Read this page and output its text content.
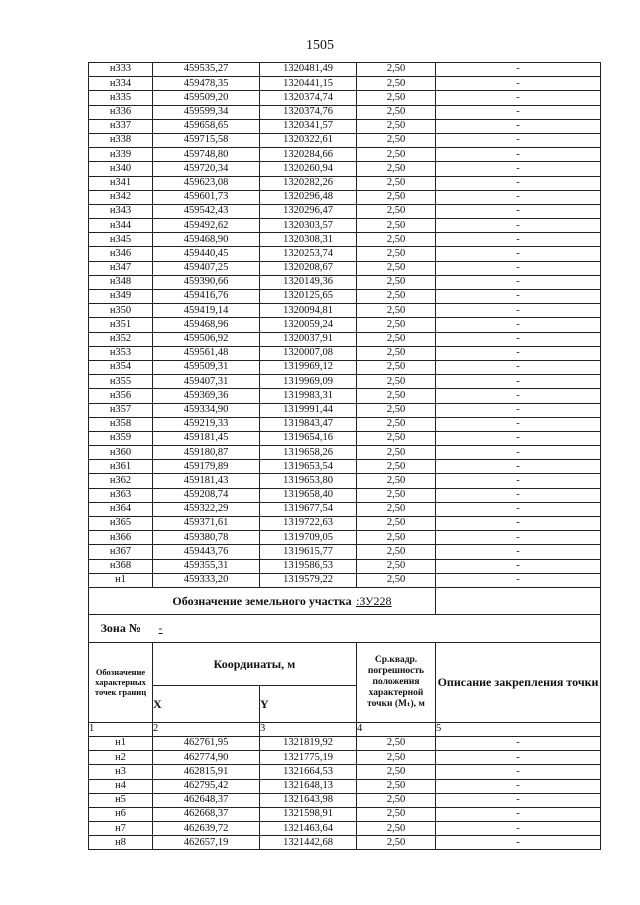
1505
н333	459535,27	1320481,49	2,50	-
н334	459478,35	1320441,15	2,50	-
н335	459509,20	1320374,74	2,50	-
н336	459599,34	1320374,76	2,50	-
н337	459658,65	1320341,57	2,50	-
н338	459715,58	1320322,61	2,50	-
н339	459748,80	1320284,66	2,50	-
н340	459720,34	1320260,94	2,50	-
н341	459623,08	1320282,26	2,50	-
н342	459601,73	1320296,48	2,50	-
н343	459542,43	1320296,47	2,50	-
н344	459492,62	1320303,57	2,50	-
н345	459468,90	1320308,31	2,50	-
н346	459440,45	1320253,74	2,50	-
н347	459407,25	1320208,67	2,50	-
н348	459390,66	1320149,36	2,50	-
н349	459416,76	1320125,65	2,50	-
н350	459419,14	1320094,81	2,50	-
н351	459468,96	1320059,24	2,50	-
н352	459506,92	1320037,91	2,50	-
н353	459561,48	1320007,08	2,50	-
н354	459509,31	1319969,12	2,50	-
н355	459407,31	1319969,09	2,50	-
н356	459369,36	1319983,31	2,50	-
н357	459334,90	1319991,44	2,50	-
н358	459219,33	1319843,47	2,50	-
н359	459181,45	1319654,16	2,50	-
н360	459180,87	1319658,26	2,50	-
н361	459179,89	1319653,54	2,50	-
н362	459181,43	1319653,80	2,50	-
н363	459208,74	1319658,40	2,50	-
н364	459322,29	1319677,54	2,50	-
н365	459371,61	1319722,63	2,50	-
н366	459380,78	1319709,05	2,50	-
н367	459443,76	1319615,77	2,50	-
н368	459355,31	1319586,53	2,50	-
н1	459333,20	1319579,22	2,50	-
Обозначение земельного участка				:ЗУ228
Зона №	-			
Обозначение характерных точек границ	Координаты, м		Ср.квадр. погрешность положения характерной точки (Мₜ), м	Описание закрепления точки
	X	Y		
1	2	3	4	5
н1	462761,95	1321819,92	2,50	-
н2	462774,90	1321775,19	2,50	-
н3	462815,91	1321664,53	2,50	-
н4	462795,42	1321648,13	2,50	-
н5	462648,37	1321643,98	2,50	-
н6	462668,37	1321598,91	2,50	-
н7	462639,72	1321463,64	2,50	-
н8	462657,19	1321442,68	2,50	-
